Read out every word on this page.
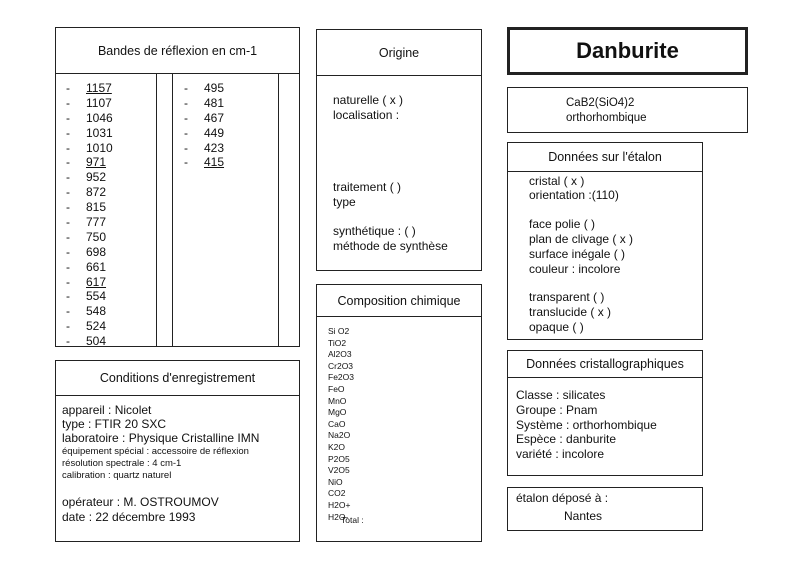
Danburite
CaB2(SiO4)2
orthorhombique
Bandes de réflexion en cm-1
- 1157
- 1107
- 1046
- 1031
- 1010
- 971
- 952
- 872
- 815
- 777
- 750
- 698
- 661
- 617
- 554
- 548
- 524
- 504
- 495
- 481
- 467
- 449
- 423
- 415
Origine
naturelle ( x )
localisation :
traitement ( )
type
synthétique : ( )
méthode de synthèse
Composition chimique
Si O2
TiO2
Al2O3
Cr2O3
Fe2O3
FeO
MnO
MgO
CaO
Na2O
K2O
P2O5
V2O5
NiO
CO2
H2O+
H2O-
Total :
Conditions d'enregistrement
appareil : Nicolet
type : FTIR 20 SXC
laboratoire : Physique Cristalline IMN
équipement spécial : accessoire de réflexion
résolution spectrale : 4 cm-1
calibration : quartz naturel
opérateur : M. OSTROUMOV
date : 22 décembre 1993
Données sur l'étalon
cristal ( x )
orientation :(110)
face polie ( )
plan de clivage ( x )
surface inégale ( )
couleur : incolore
transparent ( )
translucide ( x )
opaque ( )
Données cristallographiques
Classe : silicates
Groupe : Pnam
Système : orthorhombique
Espèce : danburite
variété : incolore
étalon déposé à :
Nantes
